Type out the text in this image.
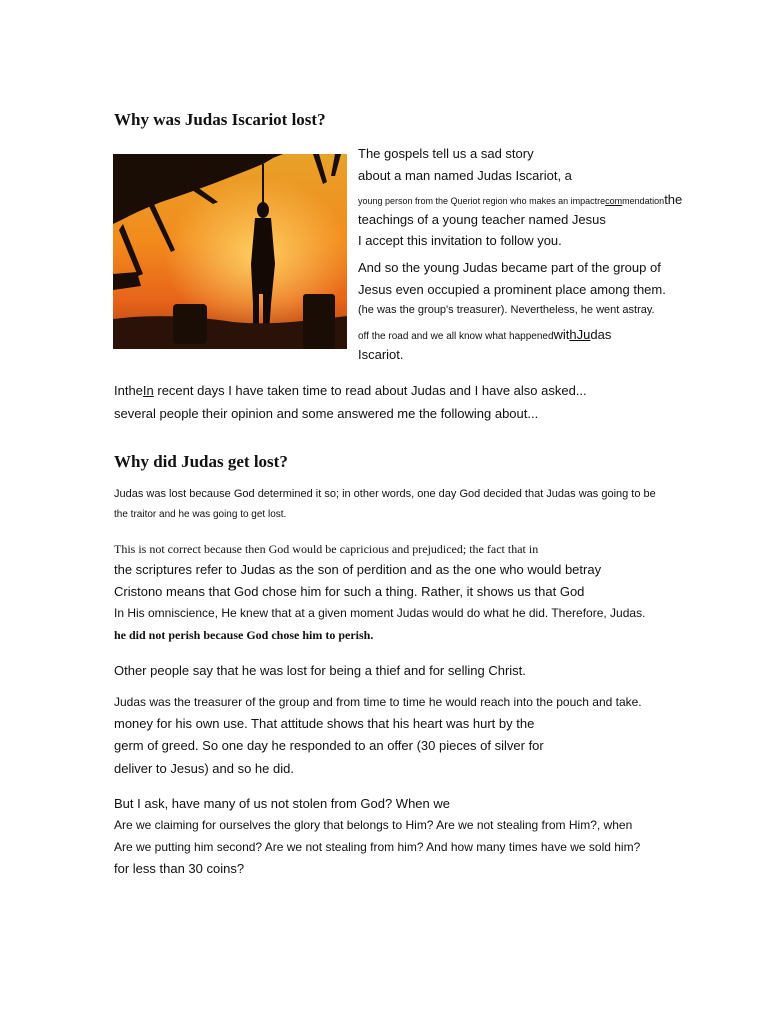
Why was Judas Iscariot lost?
The gospels tell us a sad story
about a man named Judas Iscariot, a
young person from the Queriot region who makes an impactrecommendationthe
teachings of a young teacher named Jesus
I accept this invitation to follow you.
And so the young Judas became part of the group of
Jesus even occupied a prominent place among them.
(he was the group's treasurer). Nevertheless, he went astray.
off the road and we all know what happenedwithJudas
Iscariot.
IntheIn recent days I have taken time to read about Judas and I have also asked...
several people their opinion and some answered me the following about...
Why did Judas get lost?
Judas was lost because God determined it so; in other words, one day God decided that Judas was going to be
the traitor and he was going to get lost.
This is not correct because then God would be capricious and prejudiced; the fact that in
the scriptures refer to Judas as the son of perdition and as the one who would betray
Cristono means that God chose him for such a thing. Rather, it shows us that God
In His omniscience, He knew that at a given moment Judas would do what he did. Therefore, Judas.
he did not perish because God chose him to perish.
Other people say that he was lost for being a thief and for selling Christ.
Judas was the treasurer of the group and from time to time he would reach into the pouch and take.
money for his own use. That attitude shows that his heart was hurt by the
germ of greed. So one day he responded to an offer (30 pieces of silver for
deliver to Jesus) and so he did.
But I ask, have many of us not stolen from God? When we
Are we claiming for ourselves the glory that belongs to Him? Are we not stealing from Him?, when
Are we putting him second? Are we not stealing from him? And how many times have we sold him?
for less than 30 coins?
